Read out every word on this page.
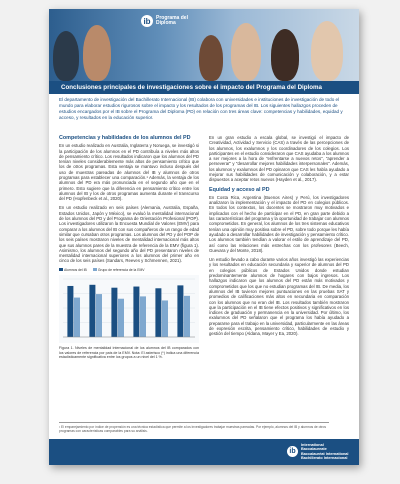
ib	Programa del Diploma
Conclusiones principales de investigaciones sobre el impacto del Programa del Diploma
El departamento de investigación del Bachillerato Internacional (IB) colabora con universidades e instituciones de investigación de todo el mundo para elaborar estudios rigurosos sobre el impacto y los resultados de los programas del IB. Los siguientes hallazgos proceden de estudios encargados por el IB sobre el Programa del Diploma (PD) en relación con tres áreas clave: competencias y habilidades, equidad y acceso, y resultados en la educación superior.
Competencias y habilidades de los alumnos del PD

En un estudio realizado en Australia, Inglaterra y Noruega, se investigó si la participación de los alumnos en el PD contribuía a niveles más altos de pensamiento crítico. Los resultados indicaron que los alumnos del PD tenían niveles considerablemente más altos de pensamiento crítico que los de otros programas. Esta ventaja se mantuvo incluso después del uso de muestras pareadas de alumnos del IB y alumnos de otros programas para establecer una comparación.¹ Además, la ventaja de los alumnos del PD era más pronunciada en el segundo año que en el primero. Esto sugiere que la diferencia en pensamiento crítico entre los alumnos del IB y los de otros programas aumenta durante el transcurso del PD (Hopfenbeck et al., 2020).

En un estudio realizado en seis países (Alemania, Australia, España, Estados Unidos, Japón y México), se evaluó la mentalidad internacional de los alumnos del PD y del Programa de Orientación Profesional (POP). Los investigadores utilizaron la Encuesta Mundial de Valores (EMV) para comparar a los alumnos del IB con sus compañeros de un rango de edad similar que cursaban otros programas. Los alumnos del PD y del POP de los seis países mostraron niveles de mentalidad internacional más altos que sus alumnos pares de la muestra de referencia de la EMV (figura 1). Asimismo, los alumnos del segundo año del PD presentaron niveles de mentalidad internacional superiores a los alumnos del primer año en cinco de los seis países (Sandars, Reeves y Schmennen, 2021).

Alumnos del IB	Grupo de referencia de la EMV

Figura 1. Niveles de mentalidad internacional de los alumnos del IB comparados con los valores de referencia por país de la EMV. Nota: El asterisco (*) indica una diferencia estadísticamente significativa entre los grupos a un nivel del 1 %.

En un gran estudio a escala global, se investigó el impacto de Creatividad, Actividad y Servicio (CAS) a través de las percepciones de los alumnos, los exalumnos y los coordinadores de los colegios. Los participantes en el estudio consideraron que CAS ayudaba a los alumnos a ser mejores a la hora de "enfrentarse a nuevos retos", "aprender a perseverar" y "desarrollar mejores habilidades interpersonales". Además, los alumnos y exalumnos del PD opinaron que CAS les había ayudado a mejorar sus habilidades de comunicación y colaboración, y a estar dispuestos a aceptar retos nuevos (Hayden et al., 2017).

Equidad y acceso al PD

En Costa Rica, Argentina (Buenos Aires) y Perú, los investigadores analizaron la implementación y el impacto del PD en colegios públicos. En todos los contextos, los docentes se mostraron muy motivados e implicados con el hecho de participar en el PD, en gran parte debido a las características del programa y la oportunidad de trabajar con alumnos comprometidos. En general, los alumnos de los tres sistemas educativos tenían una opinión muy positiva sobre el PD, sobre todo porque les había ayudado a desarrollar habilidades de investigación y pensamiento crítico. Los alumnos también tendían a valorar el estilo de aprendizaje del PD, así como las relaciones más estrechas con los profesores (Beech, Guevara y del Monte, 2018).

Un estudio llevado a cabo durante varios años investigó las experiencias y los resultados en educación secundaria y superior de alumnos del PD en colegios públicos de Estados Unidos donde estudian predominantemente alumnos de hogares con bajos ingresos. Los hallazgos indicaron que los alumnos del PD están más motivados y comprometidos que los que no estudian programas del IB. De media, los alumnos del IB tuvieron mejores puntuaciones en las pruebas SAT y promedios de calificaciones más altos en secundaria en comparación con los alumnos que no eran del IB. Los resultados también mostraron que la participación en el IB tiene efectos positivos y significativos en los índices de graduación y permanencia en la universidad. Por último, los exalumnos del PD señalaron que el programa los había ayudado a prepararse para el trabajo en la universidad, particularmente en las áreas de expresión escrita, pensamiento crítico, habilidades de estudio y gestión del tiempo (Aldana, Mayer y Ea, 2020).

¹ El emparejamiento por índice de propensión es una técnica estadística que permite a los investigadores trabajar muestras pareadas. Por ejemplo, alumnos del IB y alumnos de otros programas con características comparables para su análisis.
ib
International Baccalaureate Baccalauréat International Bachillerato Internacional
